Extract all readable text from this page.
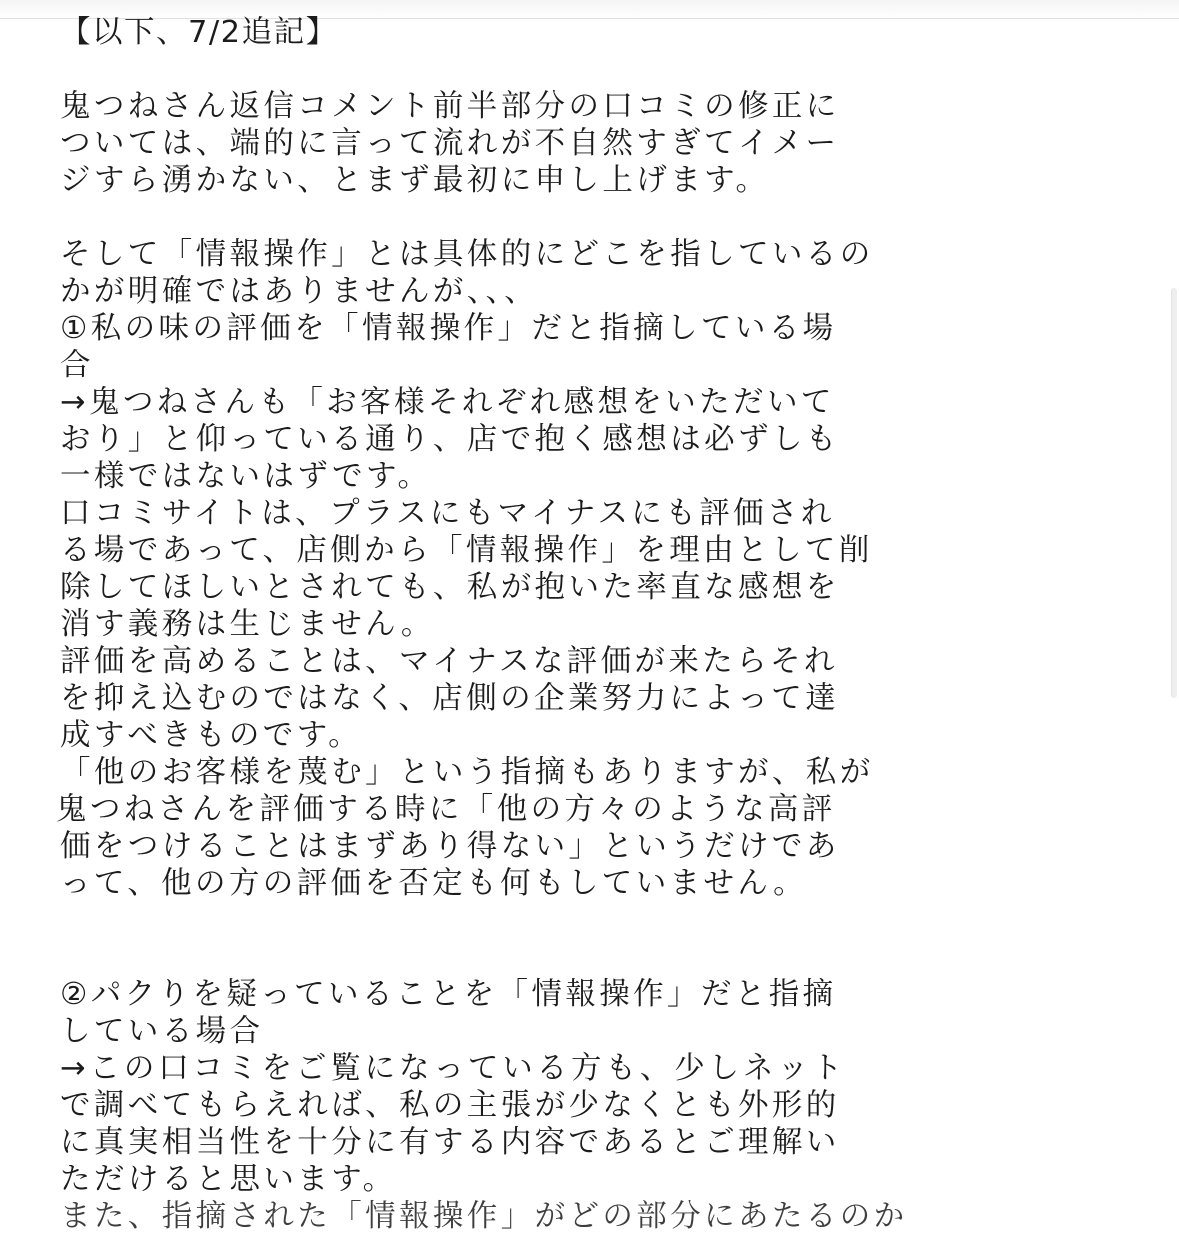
【以下、7/2追記】
鬼つねさん返信コメント前半部分の口コミの修正に
ついては、端的に言って流れが不自然すぎてイメー
ジすら湧かない、とまず最初に申し上げます。
そして「情報操作」とは具体的にどこを指しているの
かが明確ではありませんが、、、
①私の味の評価を「情報操作」だと指摘している場
合
→鬼つねさんも「お客様それぞれ感想をいただいて
おり」と仰っている通り、店で抱く感想は必ずしも
一様ではないはずです。
口コミサイトは、プラスにもマイナスにも評価され
る場であって、店側から「情報操作」を理由として削
除してほしいとされても、私が抱いた率直な感想を
消す義務は生じません。
評価を高めることは、マイナスな評価が来たらそれ
を抑え込むのではなく、店側の企業努力によって達
成すべきものです。
「他のお客様を蔑む」という指摘もありますが、私が
鬼つねさんを評価する時に「他の方々のような高評
価をつけることはまずあり得ない」というだけであ
って、他の方の評価を否定も何もしていません。
②パクりを疑っていることを「情報操作」だと指摘
している場合
→この口コミをご覧になっている方も、少しネット
で調べてもらえれば、私の主張が少なくとも外形的
に真実相当性を十分に有する内容であるとご理解い
ただけると思います。
また、指摘された「情報操作」がどの部分にあたるのか
